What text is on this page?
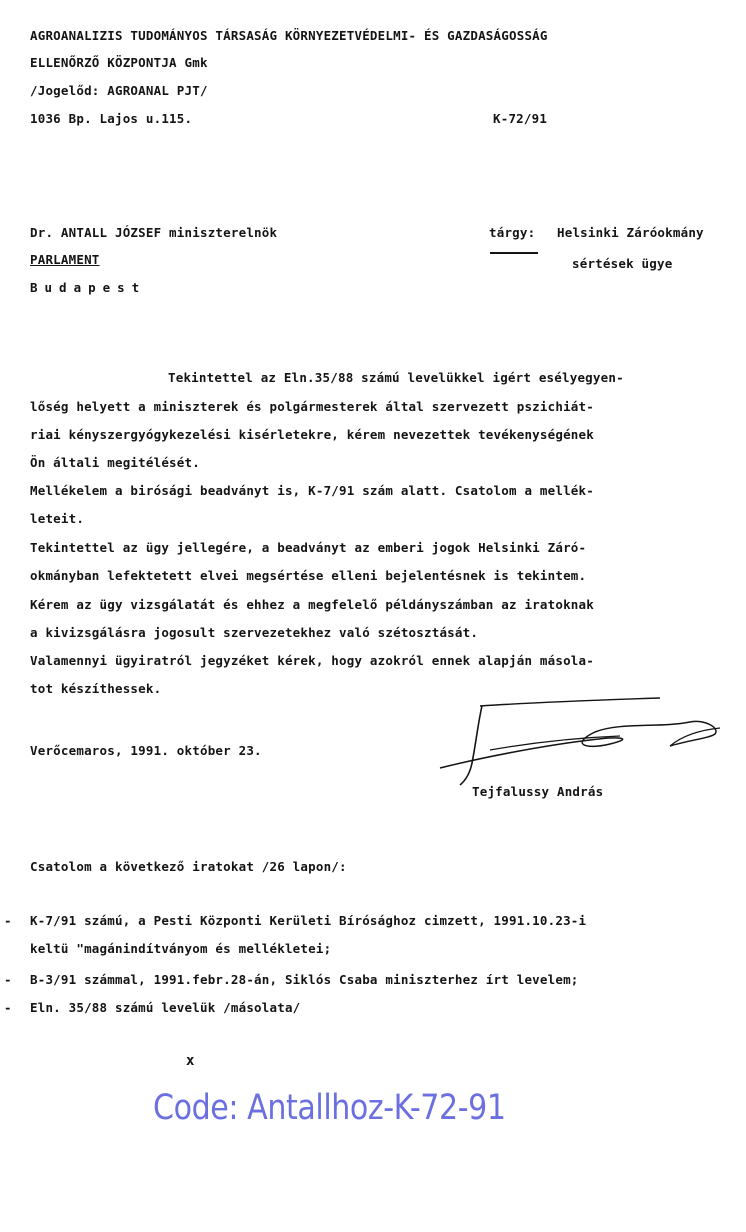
AGROANALIZIS TUDOMÁNYOS TÁRSASÁG KÖRNYEZETVÉDELMI- ÉS GAZDASÁGOSSÁG
ELLENŐRZŐ KÖZPONTJA Gmk
/Jogelőd: AGROANAL PJT/
1036 Bp. Lajos u.115.	K-72/91
Dr. ANTALL JÓZSEF miniszterelnök
PARLAMENT
Budapest
tárgy: Helsinki Záróokmány
sértések ügye
Tekintettel az Eln.35/88 számú levelükkel igért esélyegyen-
lőség helyett a miniszterek és polgármesterek által szervezett pszichiát-
riai kényszergyógykezelési kisérletekre, kérem nevezettek tevékenységének
Ön általi megitélését.
Mellékelem a birósági beadványt is, K-7/91 szám alatt. Csatolom a mellék-
leteit.
Tekintettel az ügy jellegére, a beadványt az emberi jogok Helsinki Záró-
okmányban lefektetett elvei megsértése elleni bejelentésnek is tekintem.
Kérem az ügy vizsgálatát és ehhez a megfelelő példányszámban az iratoknak
a kivizsgálásra jogosult szervezetekhez való szétosztását.
Valamennyi ügyiratról jegyzéket kérek, hogy azokról ennek alapján másola-
tot készíthessek.
Verőcemaros, 1991. október 23.
Tejfalussy András
Csatolom a következő iratokat /26 lapon/:
- K-7/91 számú, a Pesti Központi Kerületi Bírósághoz cimzett, 1991.10.23-i
keltü "magánindítványom és mellékletei;
- B-3/91 számmal, 1991.febr.28-án, Siklós Csaba miniszterhez írt levelem;
- Eln. 35/88 számú levelük /másolata/
x
Code: Antallhoz-K-72-91
